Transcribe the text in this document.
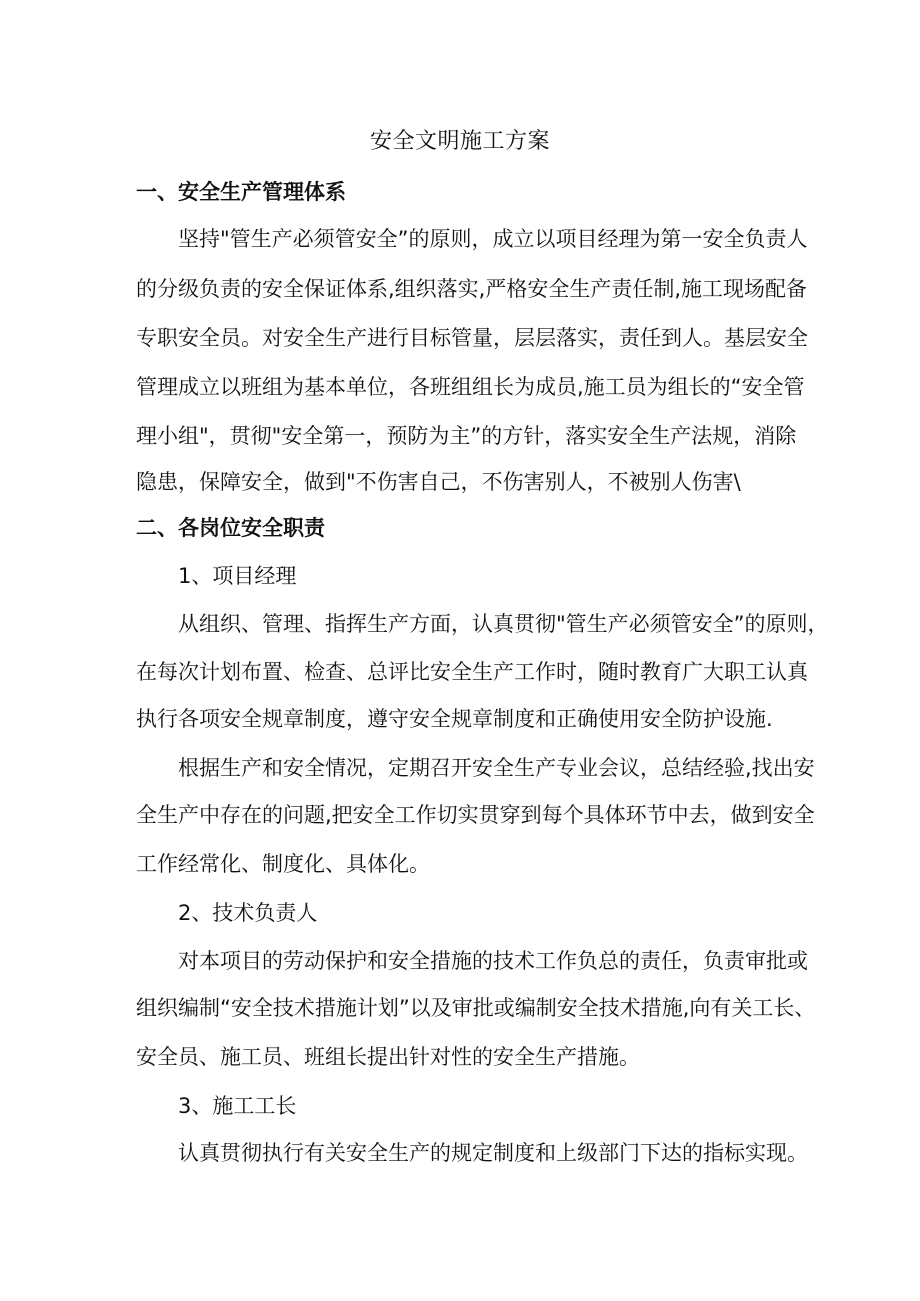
安全文明施工方案
一、安全生产管理体系
坚持"管生产必须管安全”的原则，成立以项目经理为第一安全负责人
的分级负责的安全保证体系,组织落实,严格安全生产责任制,施工现场配备
专职安全员。对安全生产进行目标管量，层层落实，责任到人。基层安全
管理成立以班组为基本单位，各班组组长为成员,施工员为组长的“安全管
理小组"，贯彻"安全第一，预防为主”的方针，落实安全生产法规，消除
隐患，保障安全，做到"不伤害自己，不伤害别人，不被别人伤害\
二、各岗位安全职责
1、项目经理
从组织、管理、指挥生产方面，认真贯彻"管生产必须管安全”的原则，
在每次计划布置、检查、总评比安全生产工作时，随时教育广大职工认真
执行各项安全规章制度，遵守安全规章制度和正确使用安全防护设施.
根据生产和安全情况，定期召开安全生产专业会议，总结经验,找出安
全生产中存在的问题,把安全工作切实贯穿到每个具体环节中去，做到安全
工作经常化、制度化、具体化。
2、技术负责人
对本项目的劳动保护和安全措施的技术工作负总的责任，负责审批或
组织编制“安全技术措施计划”以及审批或编制安全技术措施,向有关工长、
安全员、施工员、班组长提出针对性的安全生产措施。
3、施工工长
认真贯彻执行有关安全生产的规定制度和上级部门下达的指标实现。
